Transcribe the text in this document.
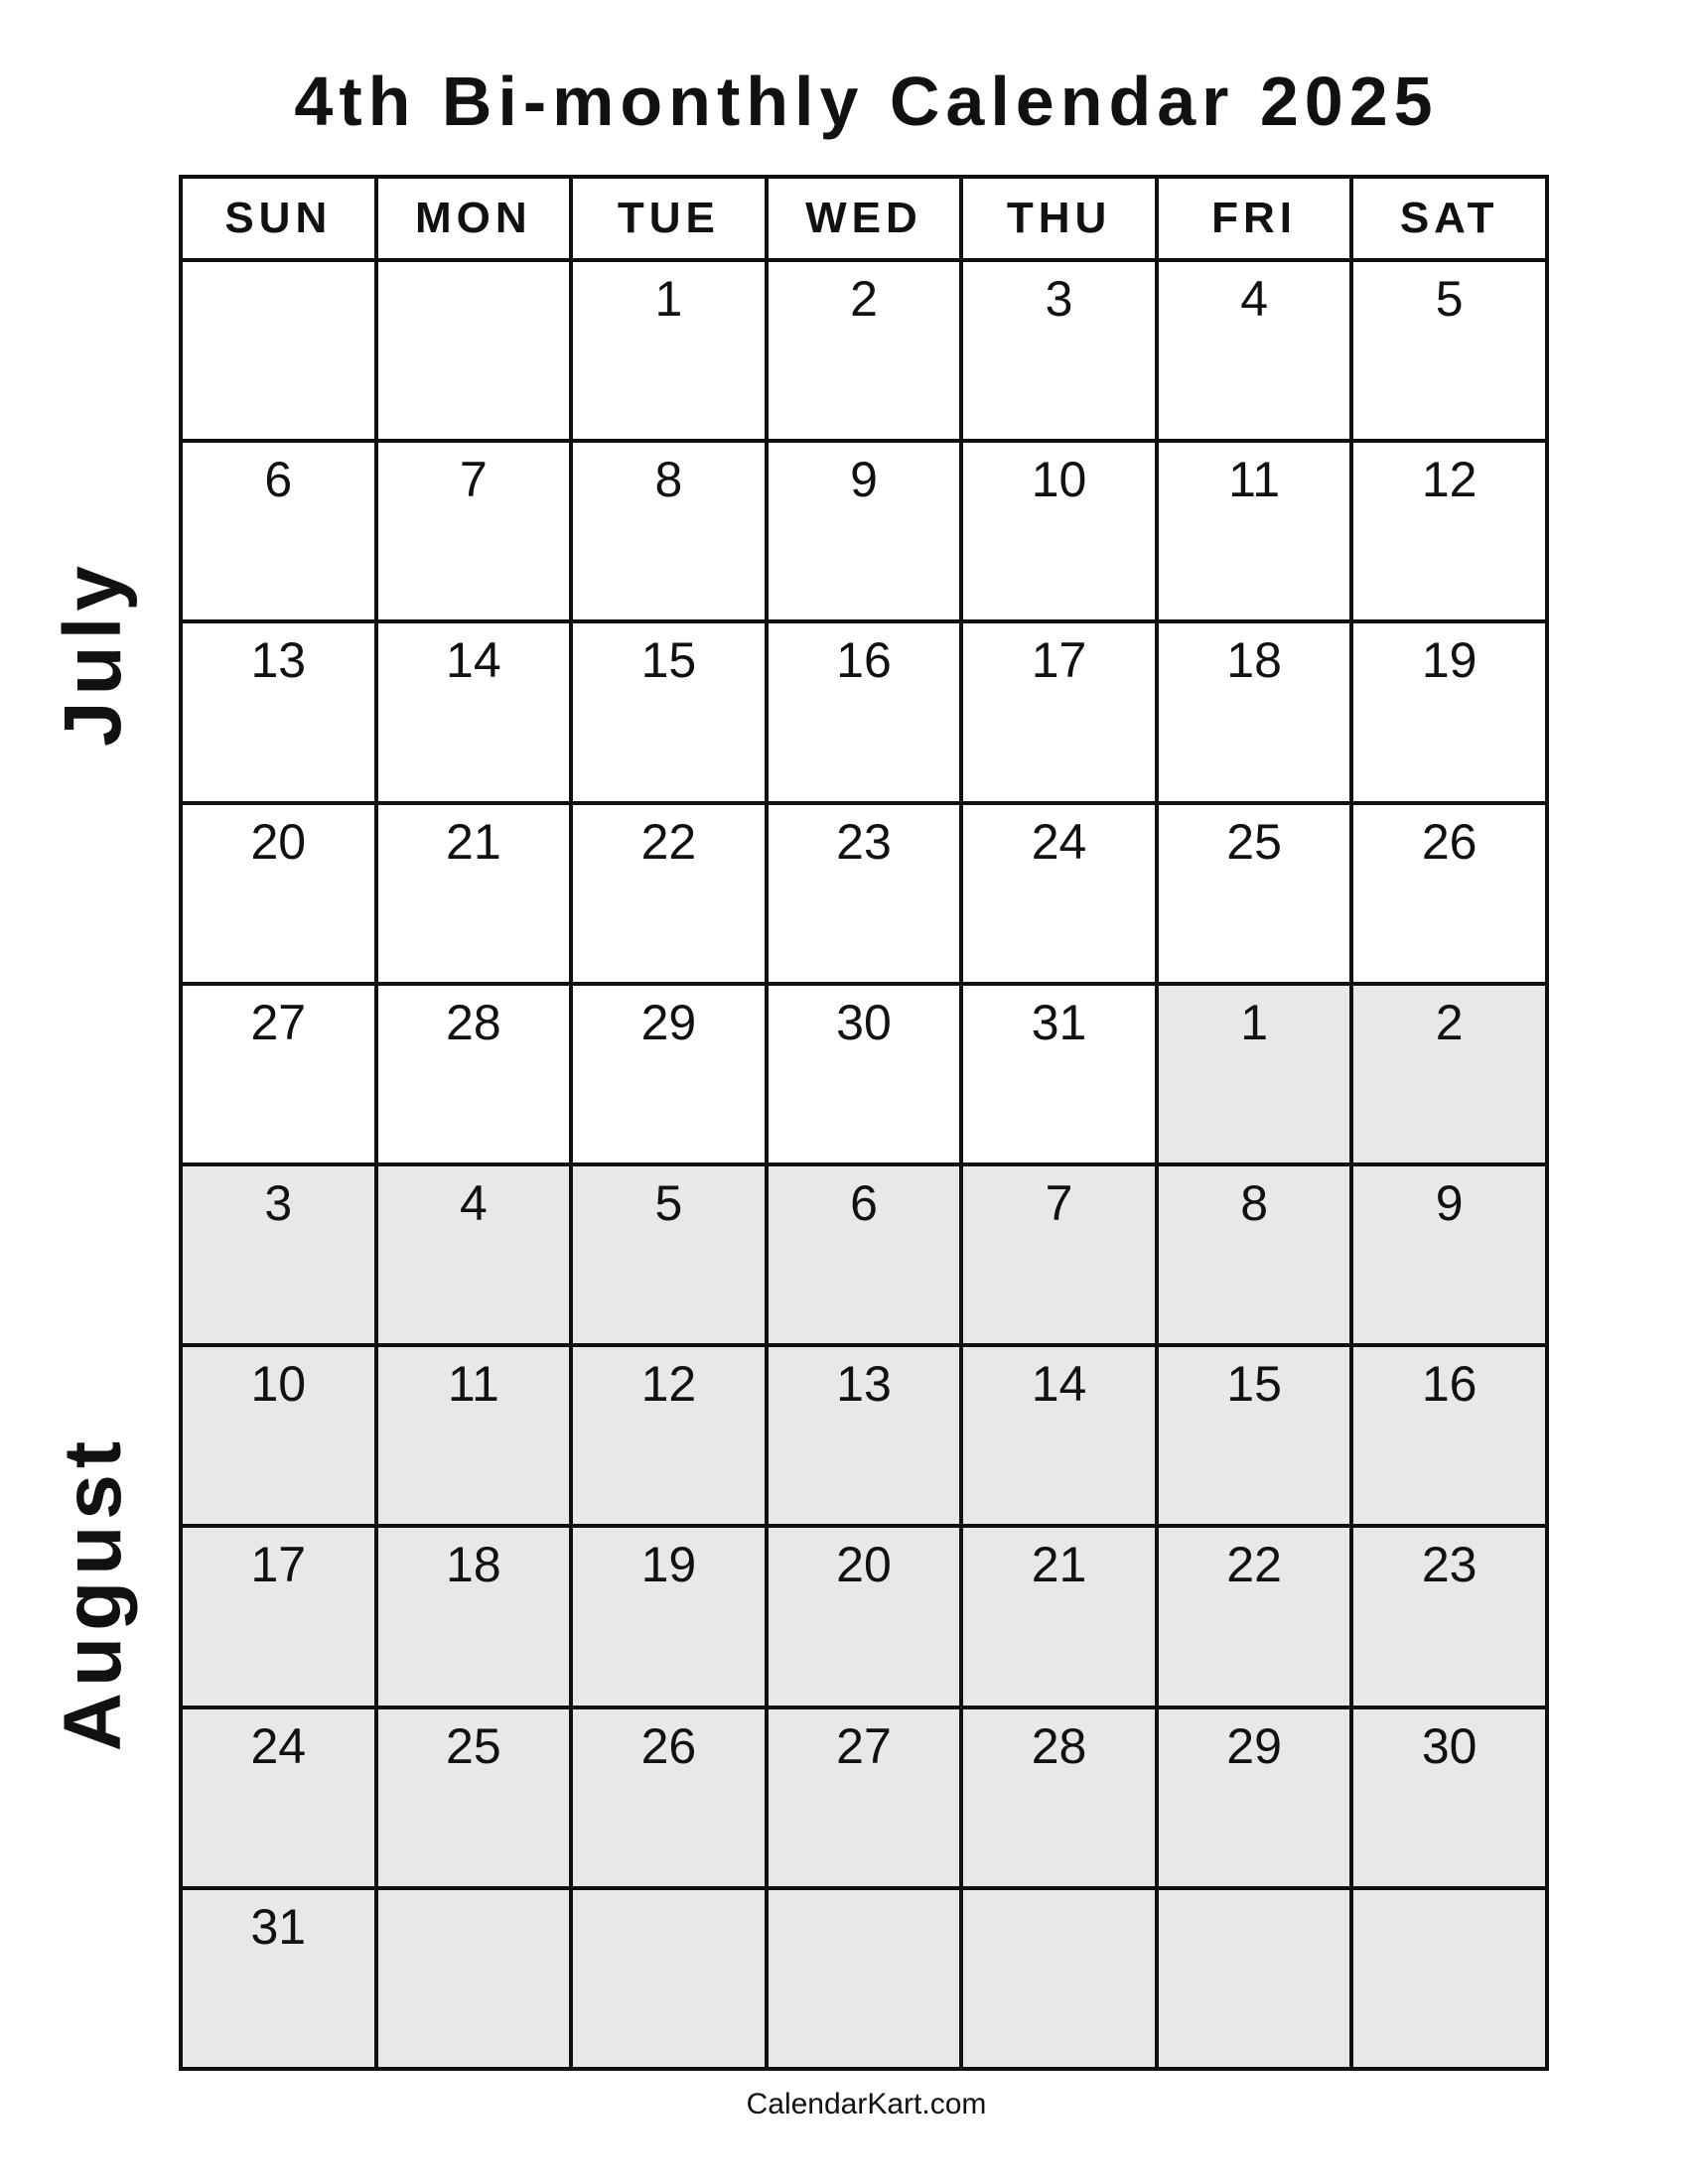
4th Bi-monthly Calendar 2025
July
August
SUN	MON	TUE	WED	THU	FRI	SAT

		1	2	3	4	5

6	7	8	9	10	11	12

13	14	15	16	17	18	19

20	21	22	23	24	25	26

27	28	29	30	31	1	2

3	4	5	6	7	8	9

10	11	12	13	14	15	16

17	18	19	20	21	22	23

24	25	26	27	28	29	30

31						

CalendarKart.com
